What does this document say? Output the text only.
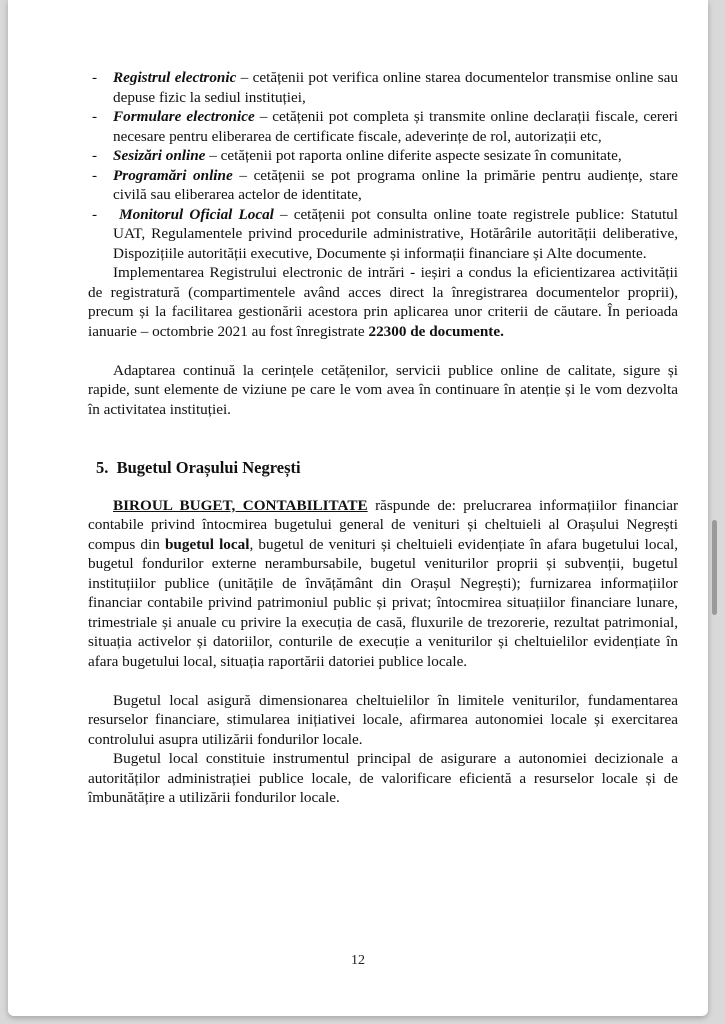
- Registrul electronic – cetățenii pot verifica online starea documentelor transmise online sau depuse fizic la sediul instituției,
- Formulare electronice – cetățenii pot completa și transmite online declarații fiscale, cereri necesare pentru eliberarea de certificate fiscale, adeverințe de rol, autorizații etc,
- Sesizări online – cetățenii pot raporta online diferite aspecte sesizate în comunitate,
- Programări online – cetățenii se pot programa online la primărie pentru audiențe, stare civilă sau eliberarea actelor de identitate,
- Monitorul Oficial Local – cetățenii pot consulta online toate registrele publice: Statutul UAT, Regulamentele privind procedurile administrative, Hotărârile autorității deliberative, Dispozițiile autorității executive, Documente și informații financiare și Alte documente.

Implementarea Registrului electronic de intrări - ieșiri a condus la eficientizarea activității de registratură (compartimentele având acces direct la înregistrarea documentelor proprii), precum și la facilitarea gestionării acestora prin aplicarea unor criterii de căutare. În perioada ianuarie – octombrie 2021 au fost înregistrate 22300 de documente.

Adaptarea continuă la cerințele cetățenilor, servicii publice online de calitate, sigure și rapide, sunt elemente de viziune pe care le vom avea în continuare în atenție și le vom dezvolta în activitatea instituției.

5. Bugetul Orașului Negrești

BIROUL BUGET, CONTABILITATE răspunde de: prelucrarea informațiilor financiar contabile privind întocmirea bugetului general de venituri și cheltuieli al Orașului Negrești compus din bugetul local, bugetul de venituri și cheltuieli evidențiate în afara bugetului local, bugetul fondurilor externe nerambursabile, bugetul veniturilor proprii și subvenții, bugetul instituțiilor publice (unitățile de învățământ din Orașul Negrești); furnizarea informațiilor financiar contabile privind patrimoniul public și privat; întocmirea situațiilor financiare lunare, trimestriale și anuale cu privire la execuția de casă, fluxurile de trezorerie, rezultat patrimonial, situația activelor și datoriilor, conturile de execuție a veniturilor și cheltuielilor evidențiate în afara bugetului local, situația raportării datoriei publice locale.

Bugetul local asigură dimensionarea cheltuielilor în limitele veniturilor, fundamentarea resurselor financiare, stimularea inițiativei locale, afirmarea autonomiei locale și exercitarea controlului asupra utilizării fondurilor locale.

Bugetul local constituie instrumentul principal de asigurare a autonomiei decizionale a autorităților administrației publice locale, de valorificare eficientă a resurselor locale și de îmbunătățire a utilizării fondurilor locale.

12
